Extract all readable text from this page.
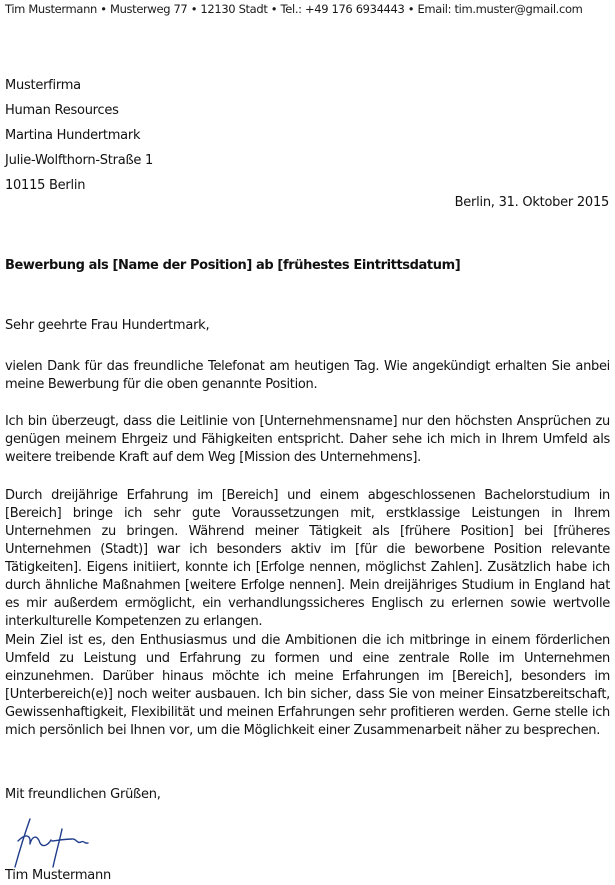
Tim Mustermann • Musterweg 77 • 12130 Stadt • Tel.: +49 176 6934443 • Email: tim.muster@gmail.com
Musterfirma
Human Resources
Martina Hundertmark
Julie-Wolfthorn-Straße 1
10115 Berlin
Berlin, 31. Oktober 2015
Bewerbung als [Name der Position] ab [frühestes Eintrittsdatum]
Sehr geehrte Frau Hundertmark,

vielen Dank für das freundliche Telefonat am heutigen Tag. Wie angekündigt erhalten Sie anbei meine Bewerbung für die oben genannte Position.

Ich bin überzeugt, dass die Leitlinie von [Unternehmensname] nur den höchsten Ansprüchen zu genügen meinem Ehrgeiz und Fähigkeiten entspricht. Daher sehe ich mich in Ihrem Umfeld als weitere treibende Kraft auf dem Weg [Mission des Unternehmens].

Durch dreijährige Erfahrung im [Bereich] und einem abgeschlossenen Bachelorstudium in [Bereich] bringe ich sehr gute Voraussetzungen mit, erstklassige Leistungen in Ihrem Unternehmen zu bringen. Während meiner Tätigkeit als [frühere Position] bei [früheres Unternehmen (Stadt)] war ich besonders aktiv im [für die beworbene Position relevante Tätigkeiten]. Eigens initiiert, konnte ich [Erfolge nennen, möglichst Zahlen]. Zusätzlich habe ich durch ähnliche Maßnahmen [weitere Erfolge nennen]. Mein dreijähriges Studium in England hat es mir außerdem ermöglicht, ein verhandlungssicheres Englisch zu erlernen sowie wertvolle interkulturelle Kompetenzen zu erlangen.

Mein Ziel ist es, den Enthusiasmus und die Ambitionen die ich mitbringe in einem förderlichen Umfeld zu Leistung und Erfahrung zu formen und eine zentrale Rolle im Unternehmen einzunehmen. Darüber hinaus möchte ich meine Erfahrungen im [Bereich], besonders im [Unterbereich(e)] noch weiter ausbauen. Ich bin sicher, dass Sie von meiner Einsatzbereitschaft, Gewissenhaftigkeit, Flexibilität und meinen Erfahrungen sehr profitieren werden. Gerne stelle ich mich persönlich bei Ihnen vor, um die Möglichkeit einer Zusammenarbeit näher zu besprechen.

Mit freundlichen Grüßen,
Tim Mustermann
